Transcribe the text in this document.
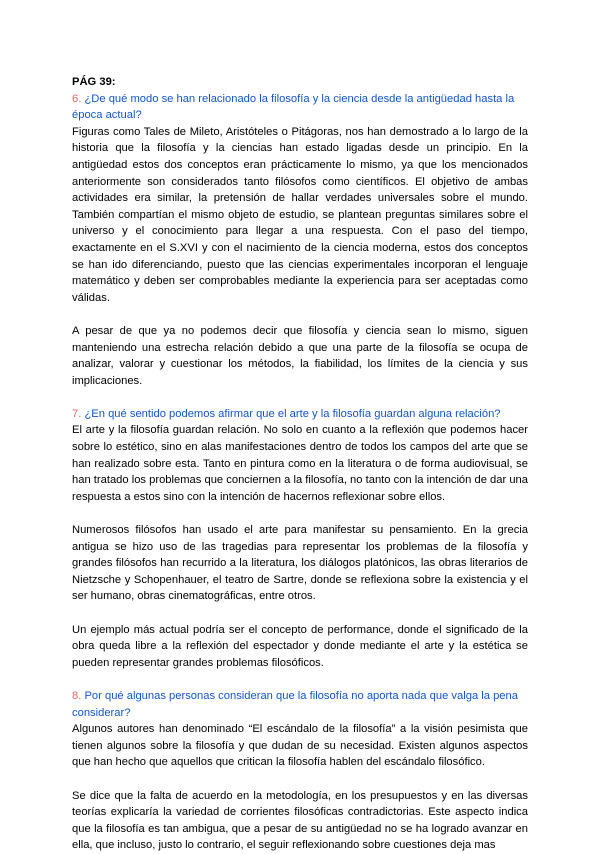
PÁG 39:

6. ¿De qué modo se han relacionado la filosofía y la ciencia desde la antigüedad hasta la época actual?

Figuras como Tales de Mileto, Aristóteles o Pitágoras, nos han demostrado a lo largo de la historia que la filosofía y la ciencias han estado ligadas desde un principio. En la antigüedad estos dos conceptos eran prácticamente lo mismo, ya que los mencionados anteriormente son considerados tanto filósofos como científicos. El objetivo de ambas actividades era similar, la pretensión de hallar verdades universales sobre el mundo. También compartían el mismo objeto de estudio, se plantean preguntas similares sobre el universo y el conocimiento para llegar a una respuesta. Con el paso del tiempo, exactamente en el S.XVI y con el nacimiento de la ciencia moderna, estos dos conceptos se han ido diferenciando, puesto que las ciencias experimentales incorporan el lenguaje matemático y deben ser comprobables mediante la experiencia para ser aceptadas como válidas.

A pesar de que ya no podemos decir que filosofía y ciencia sean lo mismo, siguen manteniendo una estrecha relación debido a que una parte de la filosofía se ocupa de analizar, valorar y cuestionar los métodos, la fiabilidad, los límites de la ciencia y sus implicaciones.

7. ¿En qué sentido podemos afirmar que el arte y la filosofía guardan alguna relación?

El arte y la filosofía guardan relación. No solo en cuanto a la reflexión que podemos hacer sobre lo estético, sino en alas manifestaciones dentro de todos los campos del arte que se han realizado sobre esta. Tanto en pintura como en la literatura o de forma audiovisual, se han tratado los problemas que conciernen a la filosofía, no tanto con la intención de dar una respuesta a estos sino con la intención de hacernos reflexionar sobre ellos.

Numerosos filósofos han usado el arte para manifestar su pensamiento. En la grecia antigua se hizo uso de las tragedias para representar los problemas de la filosofía y grandes filósofos han recurrido a la literatura, los diálogos platónicos, las obras literarios de Nietzsche y Schopenhauer, el teatro de Sartre, donde se reflexiona sobre la existencia y el ser humano, obras cinematográficas, entre otros.

Un ejemplo más actual podría ser el concepto de performance, donde el significado de la obra queda libre a la reflexión del espectador y donde mediante el arte y la estética se pueden representar grandes problemas filosóficos.

8. Por qué algunas personas consideran que la filosofía no aporta nada que valga la pena considerar?

Algunos autores han denominado “El escándalo de la filosofía” a la visión pesimista que tienen algunos sobre la filosofía y que dudan de su necesidad. Existen algunos aspectos que han hecho que aquellos que critican la filosofía hablen del escándalo filosófico.

Se dice que la falta de acuerdo en la metodología, en los presupuestos y en las diversas teorías explicaría la variedad de corrientes filosóficas contradictorias. Este aspecto indica que la filosofía es tan ambigua, que a pesar de su antigüedad no se ha logrado avanzar en ella, que incluso, justo lo contrario, el seguir reflexionando sobre cuestiones deja mas
